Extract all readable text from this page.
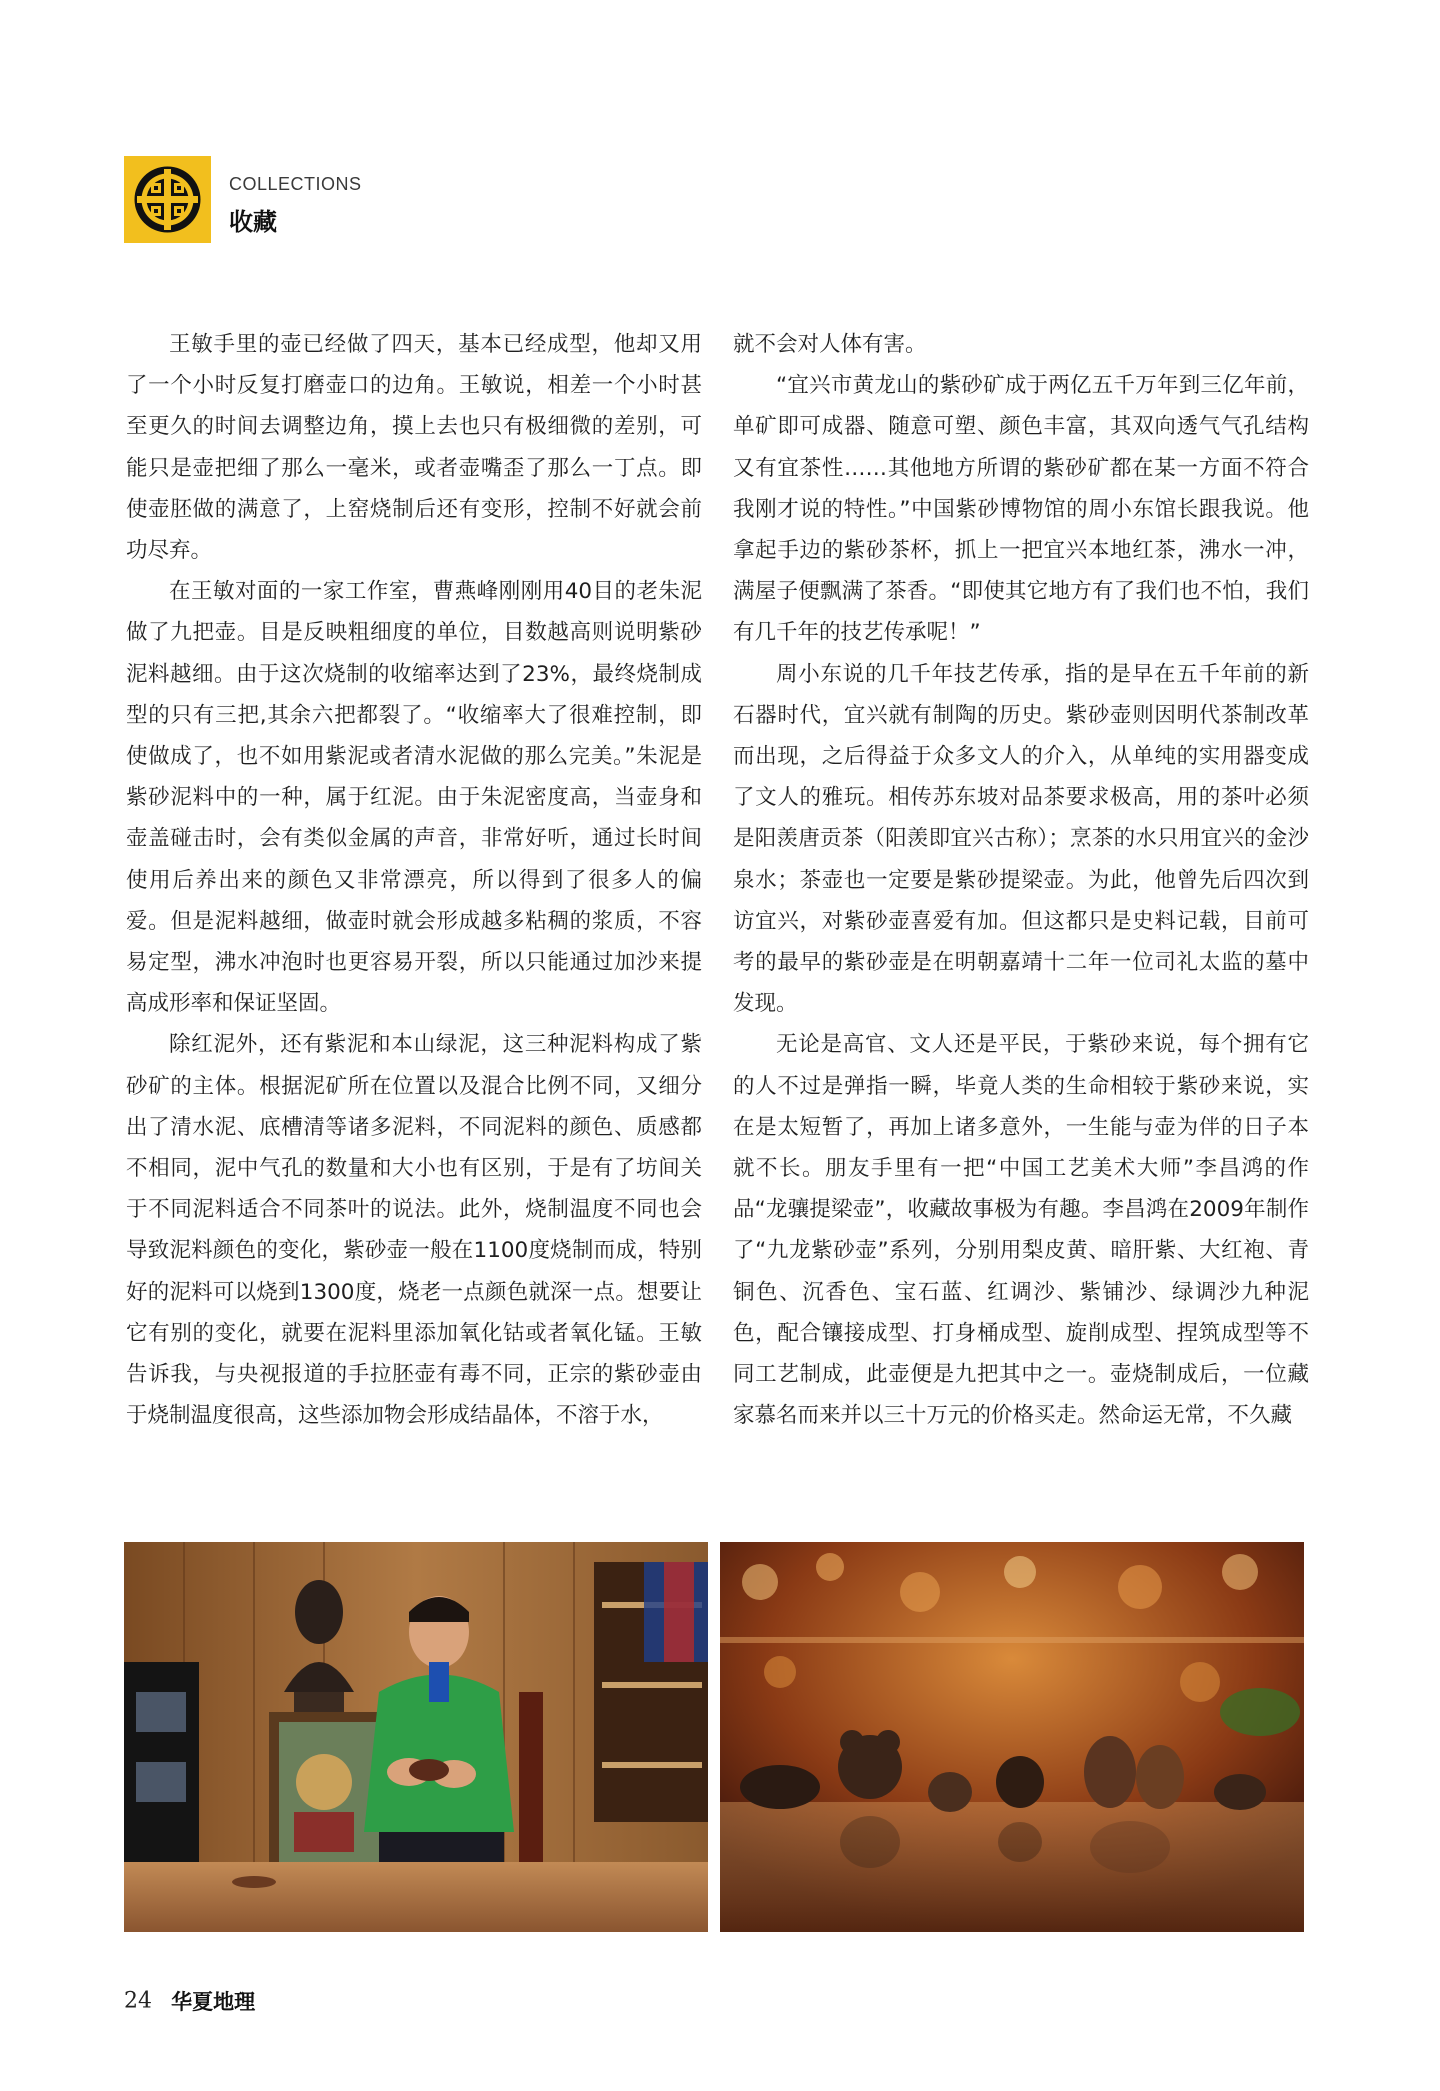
COLLECTIONS
收藏

王敏手里的壶已经做了四天，基本已经成型，他却又用了一个小时反复打磨壶口的边角。王敏说，相差一个小时甚至更久的时间去调整边角，摸上去也只有极细微的差别，可能只是壶把细了那么一毫米，或者壶嘴歪了那么一丁点。即使壶胚做的满意了，上窑烧制后还有变形，控制不好就会前功尽弃。

在王敏对面的一家工作室，曹燕峰刚刚用40目的老朱泥做了九把壶。目是反映粗细度的单位，目数越高则说明紫砂泥料越细。由于这次烧制的收缩率达到了23%，最终烧制成型的只有三把,其余六把都裂了。“收缩率大了很难控制，即使做成了，也不如用紫泥或者清水泥做的那么完美。”朱泥是紫砂泥料中的一种，属于红泥。由于朱泥密度高，当壶身和壶盖碰击时，会有类似金属的声音，非常好听，通过长时间使用后养出来的颜色又非常漂亮，所以得到了很多人的偏爱。但是泥料越细，做壶时就会形成越多粘稠的浆质，不容易定型，沸水冲泡时也更容易开裂，所以只能通过加沙来提高成形率和保证坚固。

除红泥外，还有紫泥和本山绿泥，这三种泥料构成了紫砂矿的主体。根据泥矿所在位置以及混合比例不同，又细分出了清水泥、底槽清等诸多泥料，不同泥料的颜色、质感都不相同，泥中气孔的数量和大小也有区别，于是有了坊间关于不同泥料适合不同茶叶的说法。此外，烧制温度不同也会导致泥料颜色的变化，紫砂壶一般在1100度烧制而成，特别好的泥料可以烧到1300度，烧老一点颜色就深一点。想要让它有别的变化，就要在泥料里添加氧化钴或者氧化锰。王敏告诉我，与央视报道的手拉胚壶有毒不同，正宗的紫砂壶由于烧制温度很高，这些添加物会形成结晶体，不溶于水，

就不会对人体有害。

“宜兴市黄龙山的紫砂矿成于两亿五千万年到三亿年前，单矿即可成器、随意可塑、颜色丰富，其双向透气气孔结构又有宜茶性……其他地方所谓的紫砂矿都在某一方面不符合我刚才说的特性。”中国紫砂博物馆的周小东馆长跟我说。他拿起手边的紫砂茶杯，抓上一把宜兴本地红茶，沸水一冲，满屋子便飘满了茶香。“即使其它地方有了我们也不怕，我们有几千年的技艺传承呢！”

周小东说的几千年技艺传承，指的是早在五千年前的新石器时代，宜兴就有制陶的历史。紫砂壶则因明代茶制改革而出现，之后得益于众多文人的介入，从单纯的实用器变成了文人的雅玩。相传苏东坡对品茶要求极高，用的茶叶必须是阳羡唐贡茶（阳羡即宜兴古称）；烹茶的水只用宜兴的金沙泉水；茶壶也一定要是紫砂提梁壶。为此，他曾先后四次到访宜兴，对紫砂壶喜爱有加。但这都只是史料记载，目前可考的最早的紫砂壶是在明朝嘉靖十二年一位司礼太监的墓中发现。

无论是高官、文人还是平民，于紫砂来说，每个拥有它的人不过是弹指一瞬，毕竟人类的生命相较于紫砂来说，实在是太短暂了，再加上诸多意外，一生能与壶为伴的日子本就不长。朋友手里有一把“中国工艺美术大师”李昌鸿的作品“龙骧提梁壶”，收藏故事极为有趣。李昌鸿在2009年制作了“九龙紫砂壶”系列，分别用梨皮黄、暗肝紫、大红袍、青铜色、沉香色、宝石蓝、红调沙、紫铺沙、绿调沙九种泥色，配合镶接成型、打身桶成型、旋削成型、捏筑成型等不同工艺制成，此壶便是九把其中之一。壶烧制成后，一位藏家慕名而来并以三十万元的价格买走。然命运无常，不久藏

24 华夏地理
